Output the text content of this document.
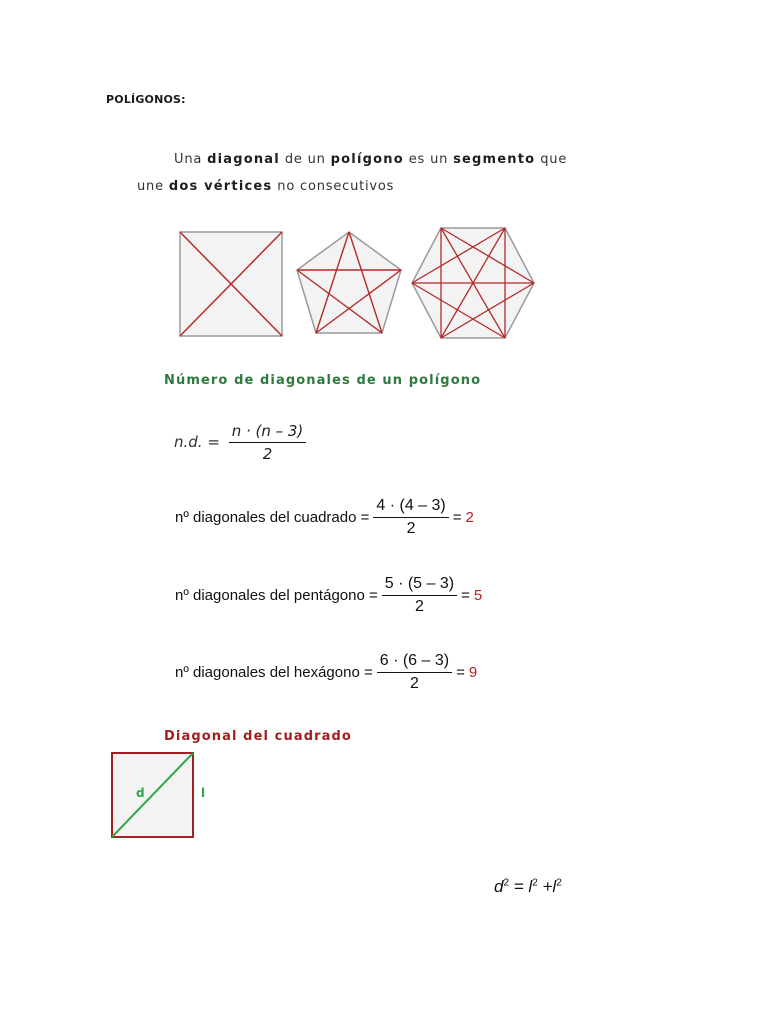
POLÍGONOS:
Una diagonal de un polígono es un segmento que
une dos vértices no consecutivos
Número de diagonales de un polígono
n.d. = $\frac{n \cdot (n - 3)}{2}$
nº diagonales del cuadrado = $\frac{4 \cdot (4 - 3)}{2} = 2$
nº diagonales del pentágono = $\frac{5 \cdot (5 - 3)}{2} = 5$
nº diagonales del hexágono = $\frac{6 \cdot (6 - 3)}{2} = 9$
Diagonal del cuadrado
d	l
$d^2 = l^2 +l^2$
